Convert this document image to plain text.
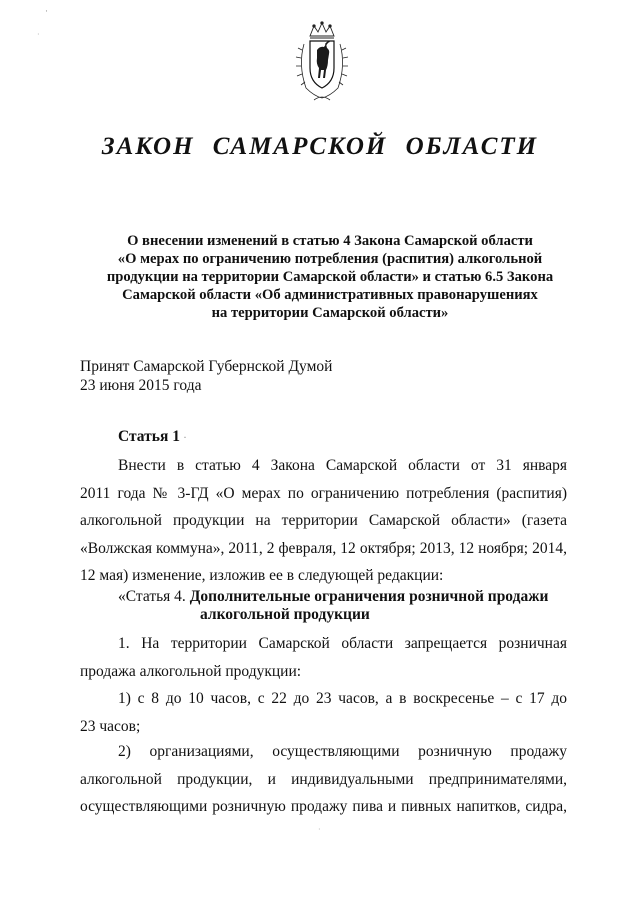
·
ЗАКОН САМАРСКОЙ ОБЛАСТИ
О внесении изменений в статью 4 Закона Самарской области
«О мерах по ограничению потребления (распития) алкогольной
продукции на территории Самарской области» и статью 6.5 Закона
Самарской области «Об административных правонарушениях
на территории Самарской области»
Принят Самарской Губернской Думой
23 июня 2015 года
Статья 1 ·
Внести в статью 4 Закона Самарской области от 31 января
2011 года № 3-ГД «О мерах по ограничению потребления (распития)
алкогольной продукции на территории Самарской области» (газета
«Волжская коммуна», 2011, 2 февраля, 12 октября; 2013, 12 ноября; 2014,
12 мая) изменение, изложив ее в следующей редакции:
«Статья 4. Дополнительные ограничения розничной продажи
алкогольной продукции
1. На территории Самарской области запрещается розничная
продажа алкогольной продукции:
1) с 8 до 10 часов, с 22 до 23 часов, а в воскресенье – с 17 до
23 часов;
2) организациями, осуществляющими розничную продажу
алкогольной продукции, и индивидуальными предпринимателями,
осуществляющими розничную продажу пива и пивных напитков, сидра,
·
·
